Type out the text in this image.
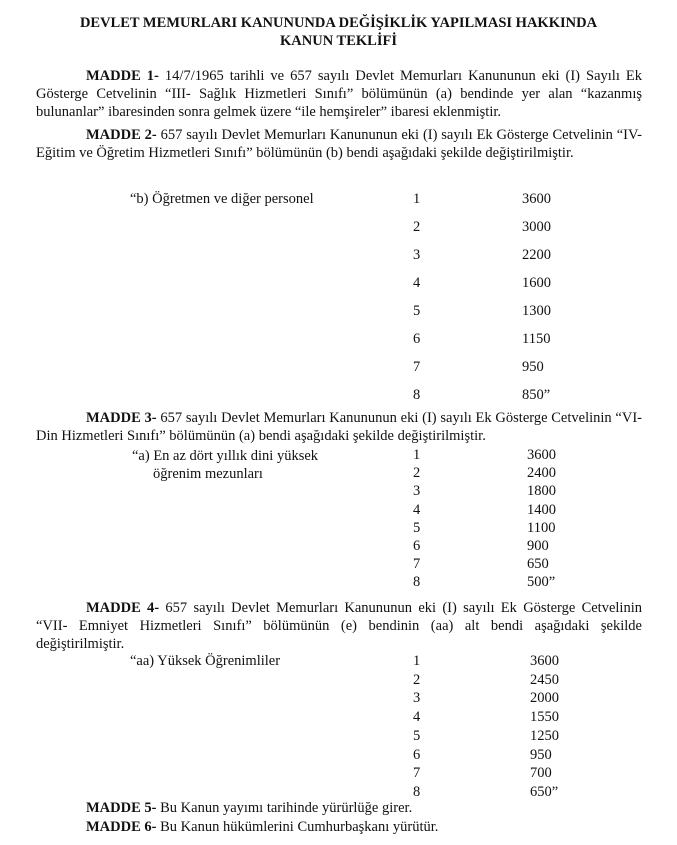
DEVLET MEMURLARI KANUNUNDA DEĞİŞİKLİK YAPILMASI HAKKINDA
KANUN TEKLİFİ
MADDE 1- 14/7/1965 tarihli ve 657 sayılı Devlet Memurları Kanununun eki (I) Sayılı Ek Gösterge Cetvelinin “III- Sağlık Hizmetleri Sınıfı” bölümünün (a) bendinde yer alan “kazanmış bulunanlar” ibaresinden sonra gelmek üzere “ile hemşireler” ibaresi eklenmiştir.
MADDE 2- 657 sayılı Devlet Memurları Kanununun eki (I) sayılı Ek Gösterge Cetvelinin “IV- Eğitim ve Öğretim Hizmetleri Sınıfı” bölümünün (b) bendi aşağıdaki şekilde değiştirilmiştir.
“b) Öğretmen ve diğer personel	1	3600
2	3000
3	2200
4	1600
5	1300
6	1150
7	950
8	850”
MADDE 3- 657 sayılı Devlet Memurları Kanununun eki (I) sayılı Ek Gösterge Cetvelinin “VI- Din Hizmetleri Sınıfı” bölümünün (a) bendi aşağıdaki şekilde değiştirilmiştir.
“a) En az dört yıllık dini yüksek
öğrenim mezunları
1	3600
2	2400
3	1800
4	1400
5	1100
6	900
7	650
8	500”
MADDE 4- 657 sayılı Devlet Memurları Kanununun eki (I) sayılı Ek Gösterge Cetvelinin “VII- Emniyet Hizmetleri Sınıfı” bölümünün (e) bendinin (aa) alt bendi aşağıdaki şekilde değiştirilmiştir.
“aa) Yüksek Öğrenimliler	1	3600
2	2450
3	2000
4	1550
5	1250
6	950
7	700
8	650”
MADDE 5- Bu Kanun yayımı tarihinde yürürlüğe girer.
MADDE 6- Bu Kanun hükümlerini Cumhurbaşkanı yürütür.
